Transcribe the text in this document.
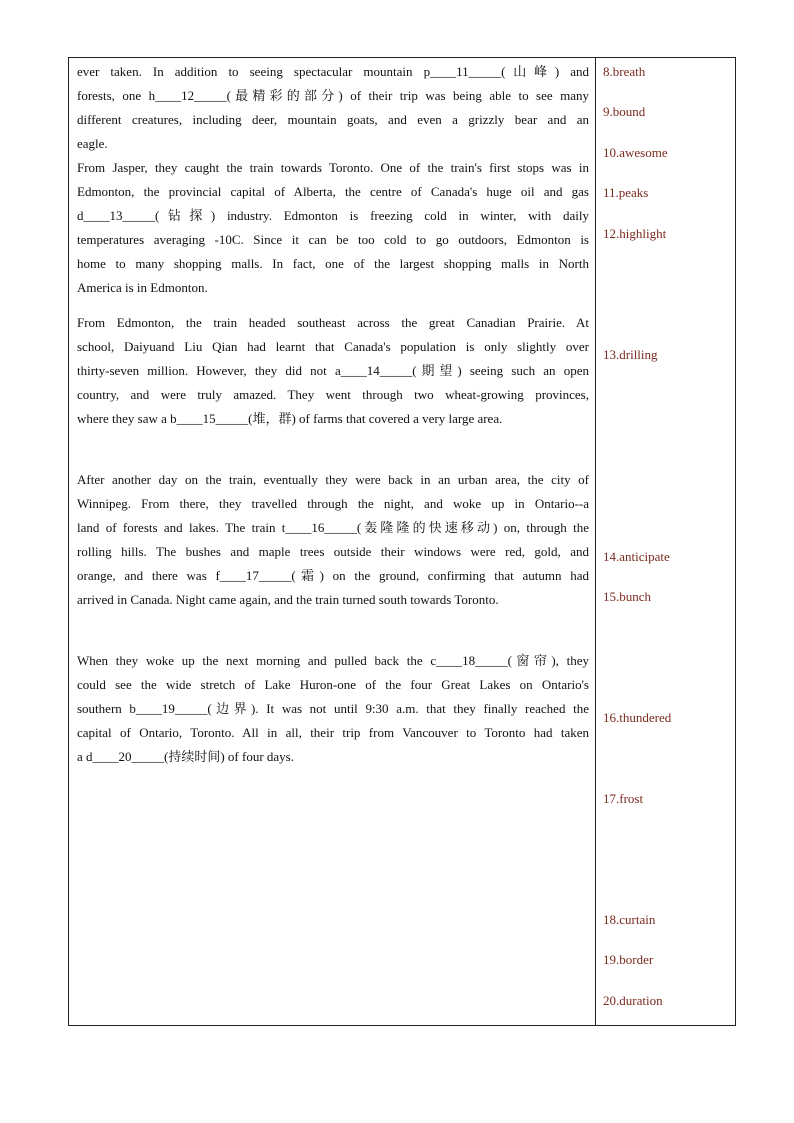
ever taken. In addition to seeing spectacular mountain p____11_____(山峰) and
forests, one h____12_____(最精彩的部分) of their trip was being able to see many
different creatures, including deer, mountain goats, and even a grizzly bear and an
eagle.
From Jasper, they caught the train towards Toronto. One of the train's first stops was in
Edmonton, the provincial capital of Alberta, the centre of Canada's huge oil and gas
d____13_____(钻探) industry. Edmonton is freezing cold in winter, with daily
temperatures averaging -10C. Since it can be too cold to go outdoors, Edmonton is
home to many shopping malls. In fact, one of the largest shopping malls in North
America is in Edmonton.
From Edmonton, the train headed southeast across the great Canadian Prairie. At
school, Daiyuand Liu Qian had learnt that Canada's population is only slightly over
thirty-seven million. However, they did not a____14_____(期望) seeing such an open
country, and were truly amazed. They went through two wheat-growing provinces,
where they saw a b____15_____(堆，群) of farms that covered a very large area.
After another day on the train, eventually they were back in an urban area, the city of
Winnipeg. From there, they travelled through the night, and woke up in Ontario--a
land of forests and lakes. The train t____16_____(轰隆隆的快速移动) on, through the
rolling hills. The bushes and maple trees outside their windows were red, gold, and
orange, and there was f____17_____(霜) on the ground, confirming that autumn had
arrived in Canada. Night came again, and the train turned south towards Toronto.
When they woke up the next morning and pulled back the c____18_____(窗帘), they
could see the wide stretch of Lake Huron-one of the four Great Lakes on Ontario's
southern b____19_____(边界). It was not until 9:30 a.m. that they finally reached the
capital of Ontario, Toronto. All in all, their trip from Vancouver to Toronto had taken
a d____20_____(持续时间) of four days.
8.breath
9.bound
10.awesome
11.peaks
12.highlight
13.drilling
14.anticipate
15.bunch
16.thundered
17.frost
18.curtain
19.border
20.duration
